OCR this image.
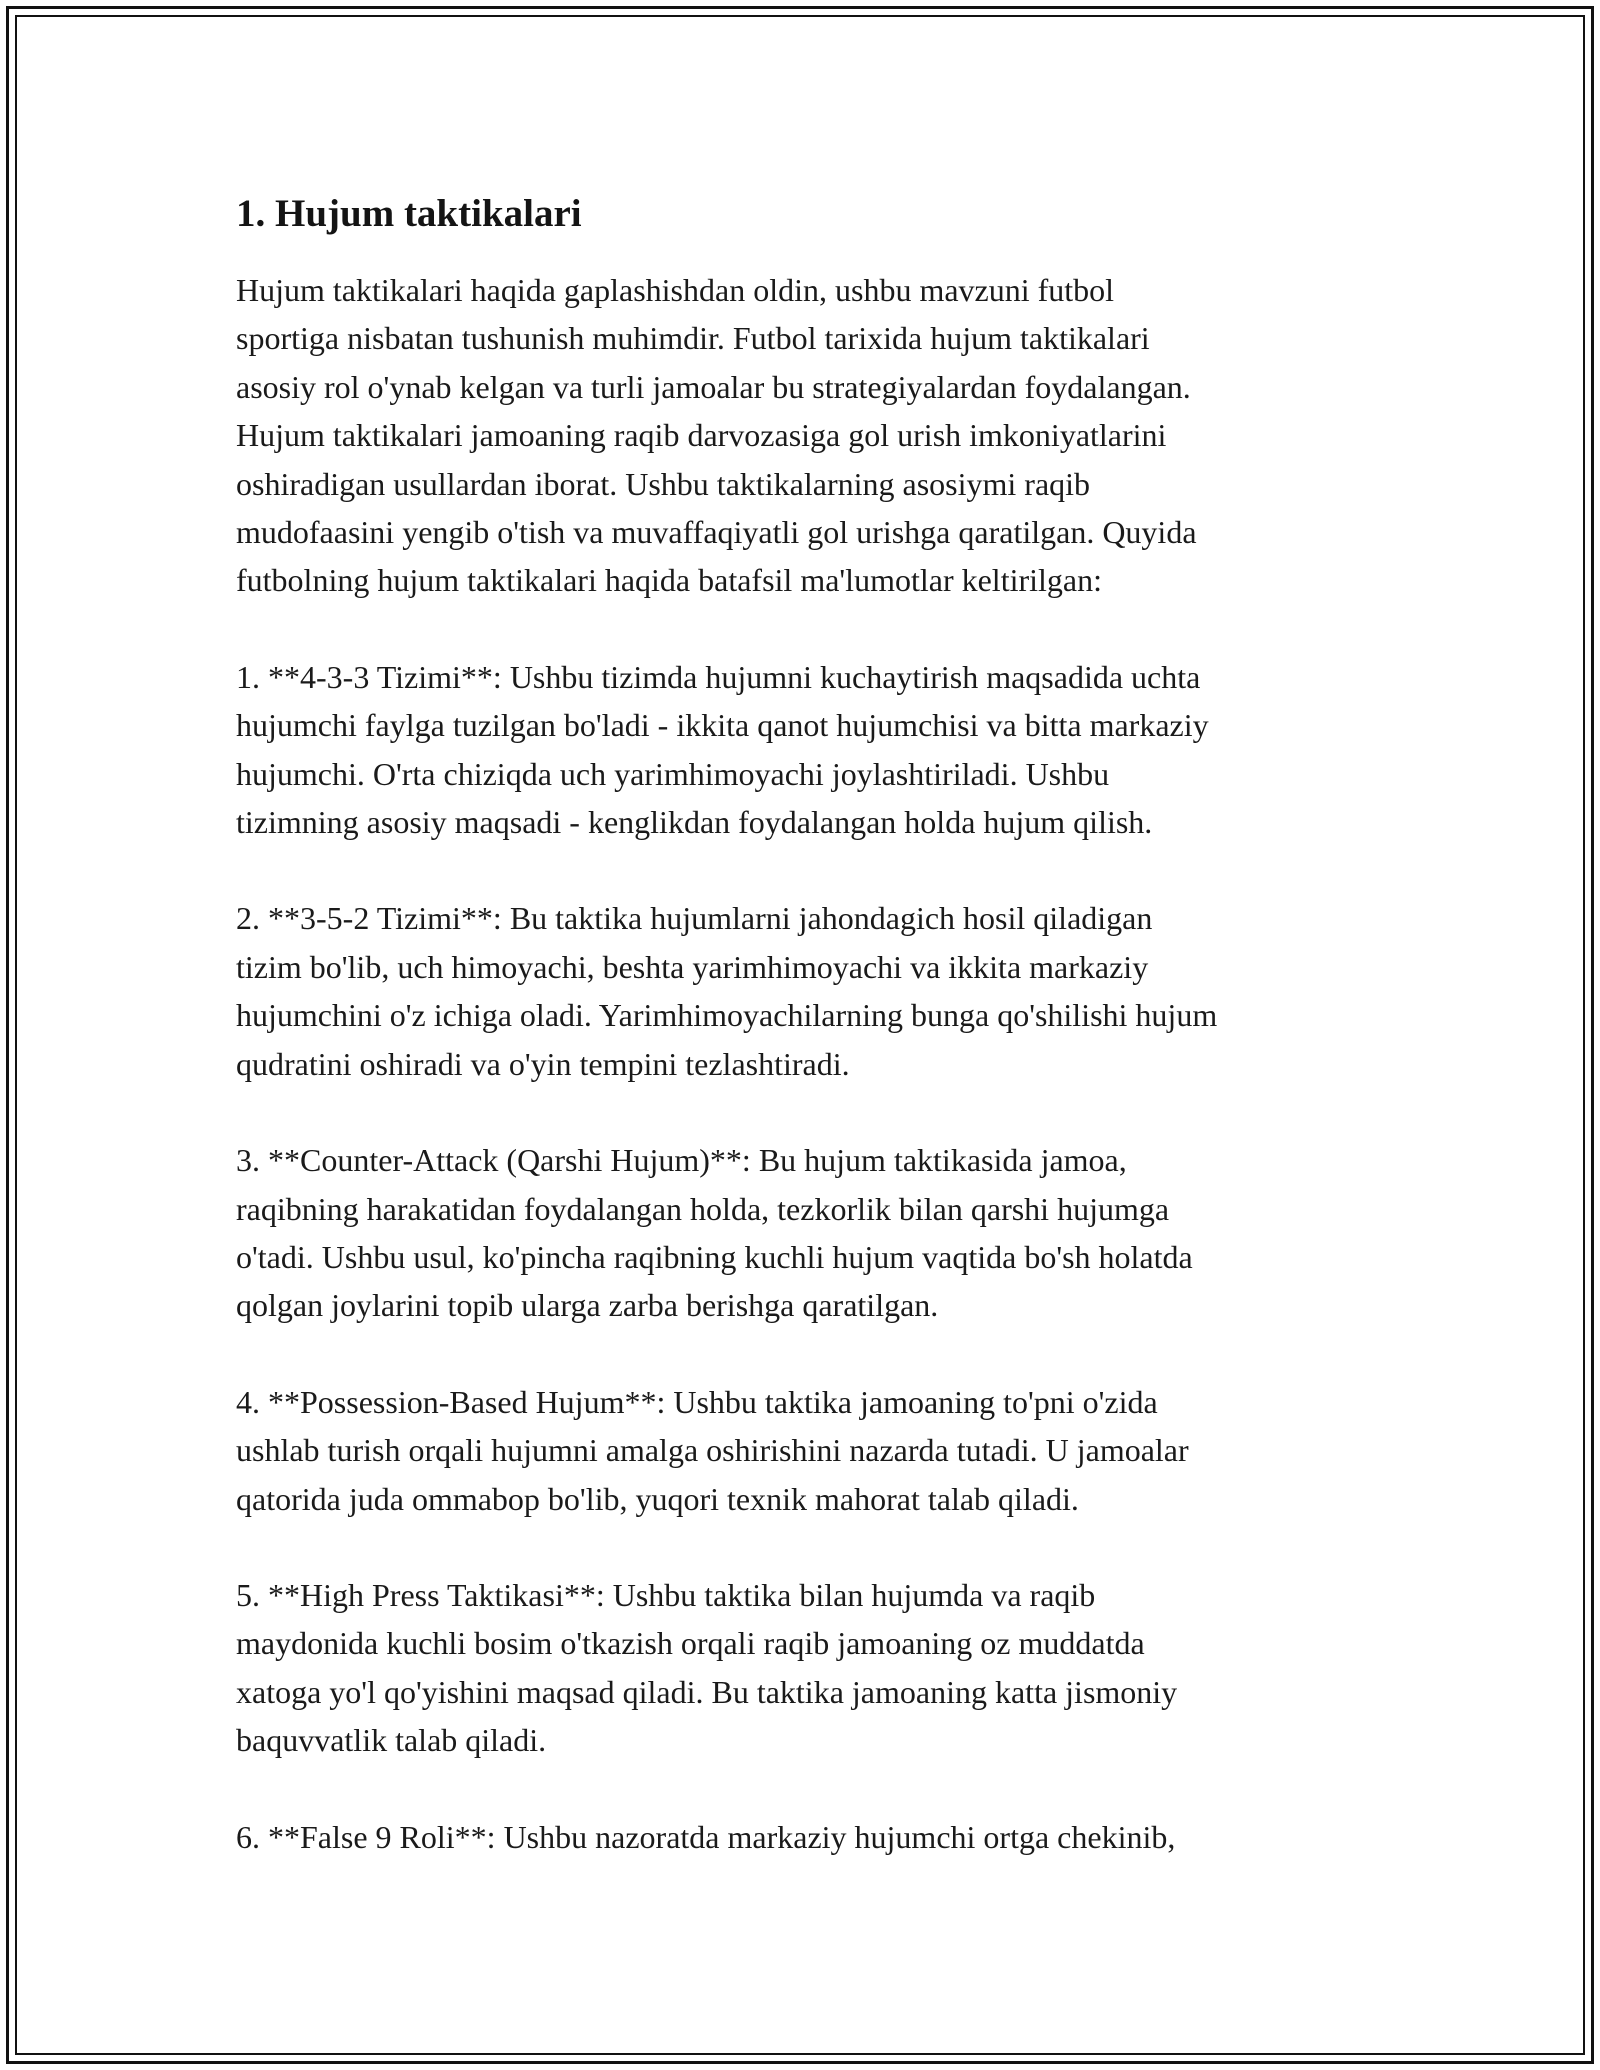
1. Hujum taktikalari

Hujum taktikalari haqida gaplashishdan oldin, ushbu mavzuni futbol
sportiga nisbatan tushunish muhimdir. Futbol tarixida hujum taktikalari
asosiy rol o'ynab kelgan va turli jamoalar bu strategiyalardan foydalangan.
Hujum taktikalari jamoaning raqib darvozasiga gol urish imkoniyatlarini
oshiradigan usullardan iborat. Ushbu taktikalarning asosiymi raqib
mudofaasini yengib o'tish va muvaffaqiyatli gol urishga qaratilgan. Quyida
futbolning hujum taktikalari haqida batafsil ma'lumotlar keltirilgan:

1. **4-3-3 Tizimi**: Ushbu tizimda hujumni kuchaytirish maqsadida uchta
hujumchi faylga tuzilgan bo'ladi - ikkita qanot hujumchisi va bitta markaziy
hujumchi. O'rta chiziqda uch yarimhimoyachi joylashtiriladi. Ushbu
tizimning asosiy maqsadi - kenglikdan foydalangan holda hujum qilish.

2. **3-5-2 Tizimi**: Bu taktika hujumlarni jahondagich hosil qiladigan
tizim bo'lib, uch himoyachi, beshta yarimhimoyachi va ikkita markaziy
hujumchini o'z ichiga oladi. Yarimhimoyachilarning bunga qo'shilishi hujum
qudratini oshiradi va o'yin tempini tezlashtiradi.

3. **Counter-Attack (Qarshi Hujum)**: Bu hujum taktikasida jamoa,
raqibning harakatidan foydalangan holda, tezkorlik bilan qarshi hujumga
o'tadi. Ushbu usul, ko'pincha raqibning kuchli hujum vaqtida bo'sh holatda
qolgan joylarini topib ularga zarba berishga qaratilgan.

4. **Possession-Based Hujum**: Ushbu taktika jamoaning to'pni o'zida
ushlab turish orqali hujumni amalga oshirishini nazarda tutadi. U jamoalar
qatorida juda ommabop bo'lib, yuqori texnik mahorat talab qiladi.

5. **High Press Taktikasi**: Ushbu taktika bilan hujumda va raqib
maydonida kuchli bosim o'tkazish orqali raqib jamoaning oz muddatda
xatoga yo'l qo'yishini maqsad qiladi. Bu taktika jamoaning katta jismoniy
baquvvatlik talab qiladi.

6. **False 9 Roli**: Ushbu nazoratda markaziy hujumchi ortga chekinib,
